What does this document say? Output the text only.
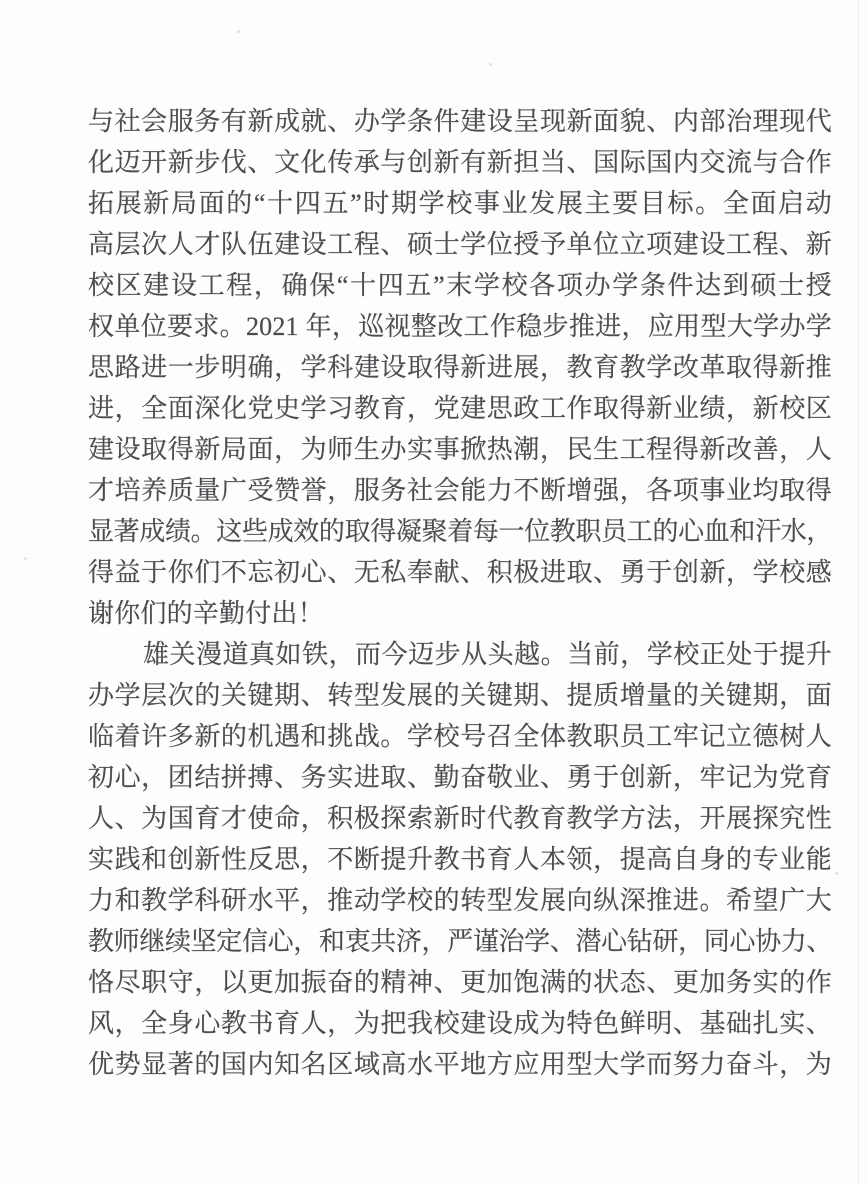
与社会服务有新成就、办学条件建设呈现新面貌、内部治理现代
化迈开新步伐、文化传承与创新有新担当、国际国内交流与合作
拓展新局面的“十四五”时期学校事业发展主要目标。全面启动
高层次人才队伍建设工程、硕士学位授予单位立项建设工程、新
校区建设工程，确保“十四五”末学校各项办学条件达到硕士授
权单位要求。2021 年，巡视整改工作稳步推进，应用型大学办学
思路进一步明确，学科建设取得新进展，教育教学改革取得新推
进，全面深化党史学习教育，党建思政工作取得新业绩，新校区
建设取得新局面，为师生办实事掀热潮，民生工程得新改善，人
才培养质量广受赞誉，服务社会能力不断增强，各项事业均取得
显著成绩。这些成效的取得凝聚着每一位教职员工的心血和汗水，
得益于你们不忘初心、无私奉献、积极进取、勇于创新，学校感
谢你们的辛勤付出！
雄关漫道真如铁，而今迈步从头越。当前，学校正处于提升
办学层次的关键期、转型发展的关键期、提质增量的关键期，面
临着许多新的机遇和挑战。学校号召全体教职员工牢记立德树人
初心，团结拼搏、务实进取、勤奋敬业、勇于创新，牢记为党育
人、为国育才使命，积极探索新时代教育教学方法，开展探究性
实践和创新性反思，不断提升教书育人本领，提高自身的专业能
力和教学科研水平，推动学校的转型发展向纵深推进。希望广大
教师继续坚定信心，和衷共济，严谨治学、潜心钻研，同心协力、
恪尽职守，以更加振奋的精神、更加饱满的状态、更加务实的作
风，全身心教书育人，为把我校建设成为特色鲜明、基础扎实、
优势显著的国内知名区域高水平地方应用型大学而努力奋斗，为
